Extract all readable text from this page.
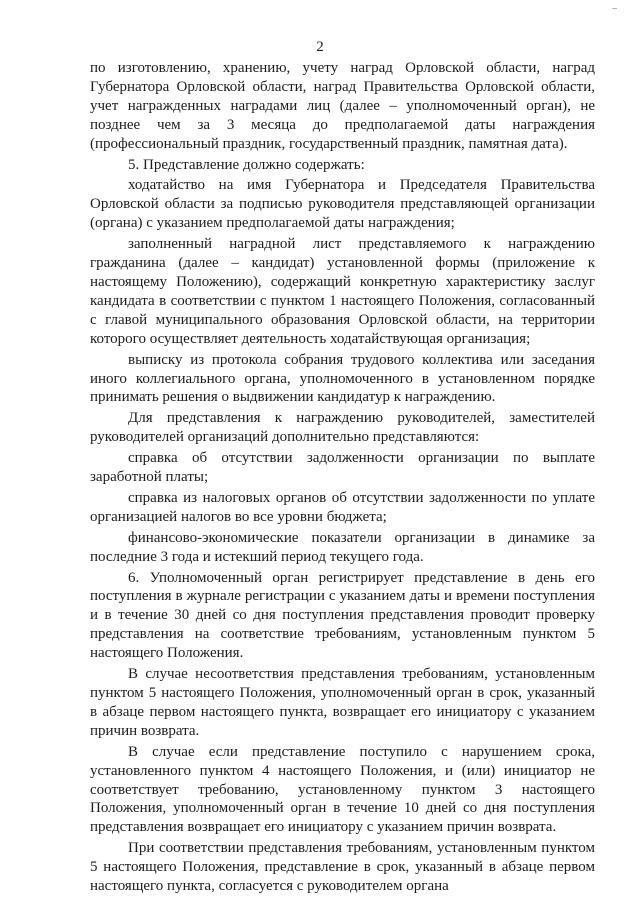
∽
2

по изготовлению, хранению, учету наград Орловской области, наград Губернатора Орловской области, наград Правительства Орловской области, учет награжденных наградами лиц (далее – уполномоченный орган), не позднее чем за 3 месяца до предполагаемой даты награждения (профессиональный праздник, государственный праздник, памятная дата).

5. Представление должно содержать:

ходатайство на имя Губернатора и Председателя Правительства Орловской области за подписью руководителя представляющей организации (органа) с указанием предполагаемой даты награждения;

заполненный наградной лист представляемого к награждению гражданина (далее – кандидат) установленной формы (приложение к настоящему Положению), содержащий конкретную характеристику заслуг кандидата в соответствии с пунктом 1 настоящего Положения, согласованный с главой муниципального образования Орловской области, на территории которого осуществляет деятельность ходатайствующая организация;

выписку из протокола собрания трудового коллектива или заседания иного коллегиального органа, уполномоченного в установленном порядке принимать решения о выдвижении кандидатур к награждению.

Для представления к награждению руководителей, заместителей руководителей организаций дополнительно представляются:

справка об отсутствии задолженности организации по выплате заработной платы;

справка из налоговых органов об отсутствии задолженности по уплате организацией налогов во все уровни бюджета;

финансово-экономические показатели организации в динамике за последние 3 года и истекший период текущего года.

6. Уполномоченный орган регистрирует представление в день его поступления в журнале регистрации с указанием даты и времени поступления и в течение 30 дней со дня поступления представления проводит проверку представления на соответствие требованиям, установленным пунктом 5 настоящего Положения.

В случае несоответствия представления требованиям, установленным пунктом 5 настоящего Положения, уполномоченный орган в срок, указанный в абзаце первом настоящего пункта, возвращает его инициатору с указанием причин возврата.

В случае если представление поступило с нарушением срока, установленного пунктом 4 настоящего Положения, и (или) инициатор не соответствует требованию, установленному пунктом 3 настоящего Положения, уполномоченный орган в течение 10 дней со дня поступления представления возвращает его инициатору с указанием причин возврата.

При соответствии представления требованиям, установленным пунктом 5 настоящего Положения, представление в срок, указанный в абзаце первом настоящего пункта, согласуется с руководителем органа
